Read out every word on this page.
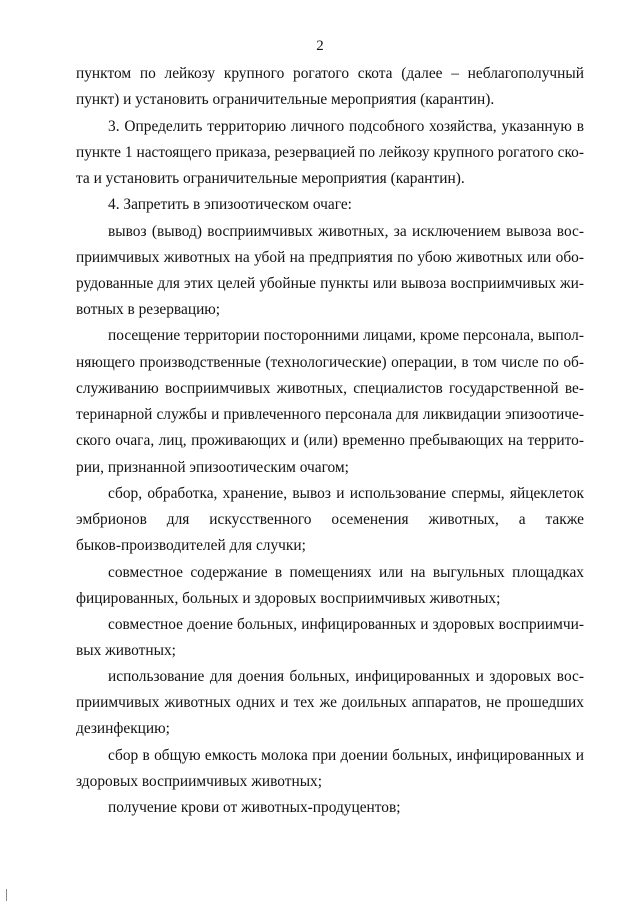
2
пунктом по лейкозу крупного рогатого скота (далее – неблагополучный
пункт) и установить ограничительные мероприятия (карантин).
3. Определить территорию личного подсобного хозяйства, указанную в
пункте 1 настоящего приказа, резервацией по лейкозу крупного рогатого ско-
та и установить ограничительные мероприятия (карантин).
4. Запретить в эпизоотическом очаге:
вывоз (вывод) восприимчивых животных, за исключением вывоза вос-
приимчивых животных на убой на предприятия по убою животных или обо-
рудованные для этих целей убойные пункты или вывоза восприимчивых жи-
вотных в резервацию;
посещение территории посторонними лицами, кроме персонала, выпол-
няющего производственные (технологические) операции, в том числе по об-
служиванию восприимчивых животных, специалистов государственной ве-
теринарной службы и привлеченного персонала для ликвидации эпизоотиче-
ского очага, лиц, проживающих и (или) временно пребывающих на террито-
рии, признанной эпизоотическим очагом;
сбор, обработка, хранение, вывоз и использование спермы, яйцеклеток
эмбрионов для искусственного осеменения животных, а также
быков-производителей для случки;
совместное содержание в помещениях или на выгульных площадках
фицированных, больных и здоровых восприимчивых животных;
совместное доение больных, инфицированных и здоровых восприимчи-
вых животных;
использование для доения больных, инфицированных и здоровых вос-
приимчивых животных одних и тех же доильных аппаратов, не прошедших
дезинфекцию;
сбор в общую емкость молока при доении больных, инфицированных и
здоровых восприимчивых животных;
получение крови от животных-продуцентов;
